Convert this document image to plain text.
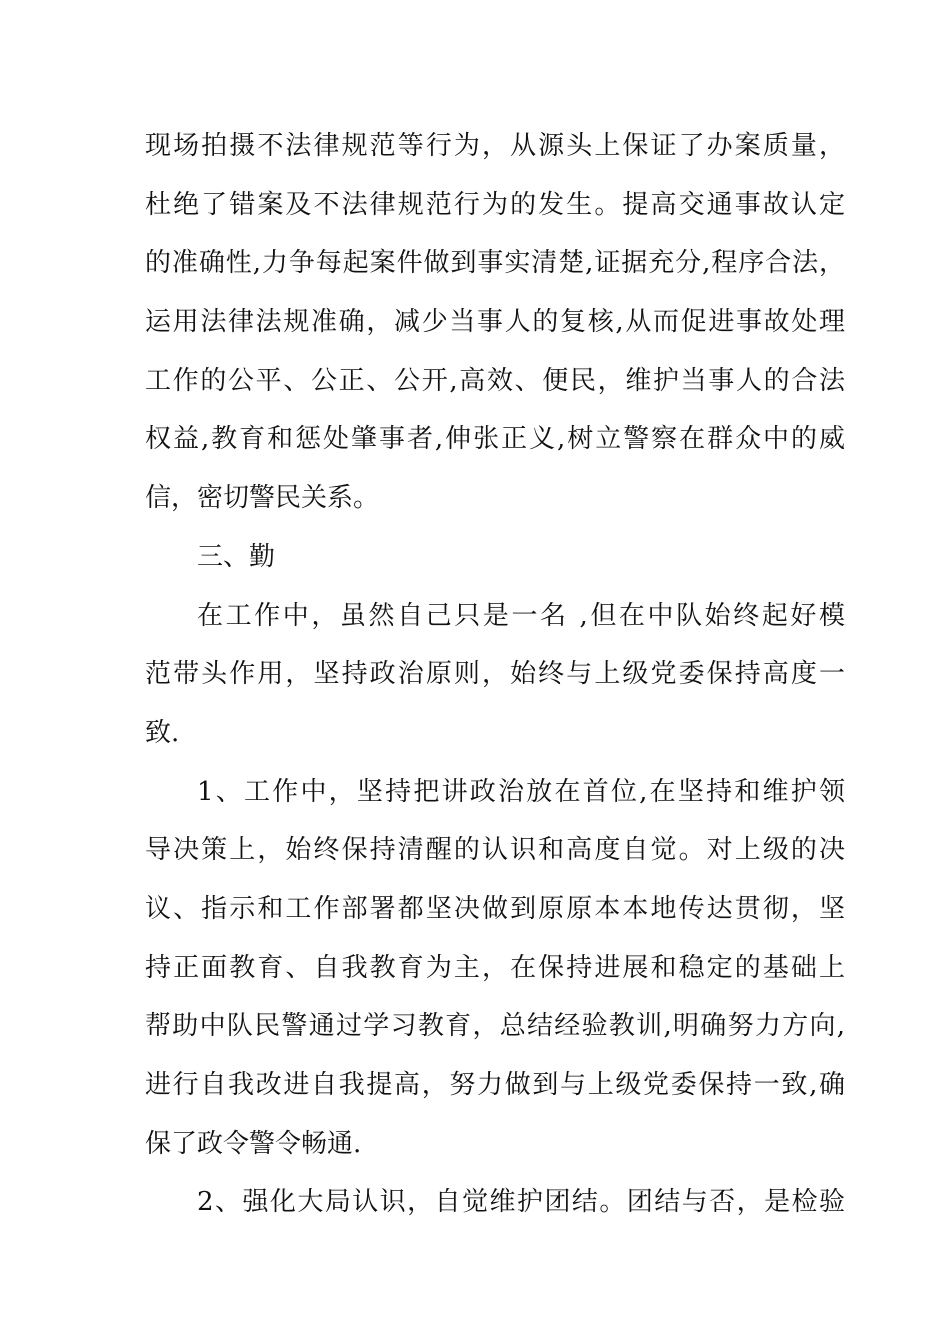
现场拍摄不法律规范等行为，从源头上保证了办案质量，
杜绝了错案及不法律规范行为的发生。提高交通事故认定
的准确性,力争每起案件做到事实清楚,证据充分,程序合法，
运用法律法规准确，减少当事人的复核,从而促进事故处理
工作的公平、公正、公开,高效、便民，维护当事人的合法
权益,教育和惩处肇事者,伸张正义,树立警察在群众中的威
信，密切警民关系。
三、勤
在工作中，虽然自己只是一名 ,但在中队始终起好模
范带头作用，坚持政治原则，始终与上级党委保持高度一
致.
1、工作中，坚持把讲政治放在首位,在坚持和维护领
导决策上，始终保持清醒的认识和高度自觉。对上级的决
议、指示和工作部署都坚决做到原原本本地传达贯彻，坚
持正面教育、自我教育为主，在保持进展和稳定的基础上
帮助中队民警通过学习教育，总结经验教训,明确努力方向,
进行自我改进自我提高，努力做到与上级党委保持一致,确
保了政令警令畅通.
2、强化大局认识，自觉维护团结。团结与否，是检验
